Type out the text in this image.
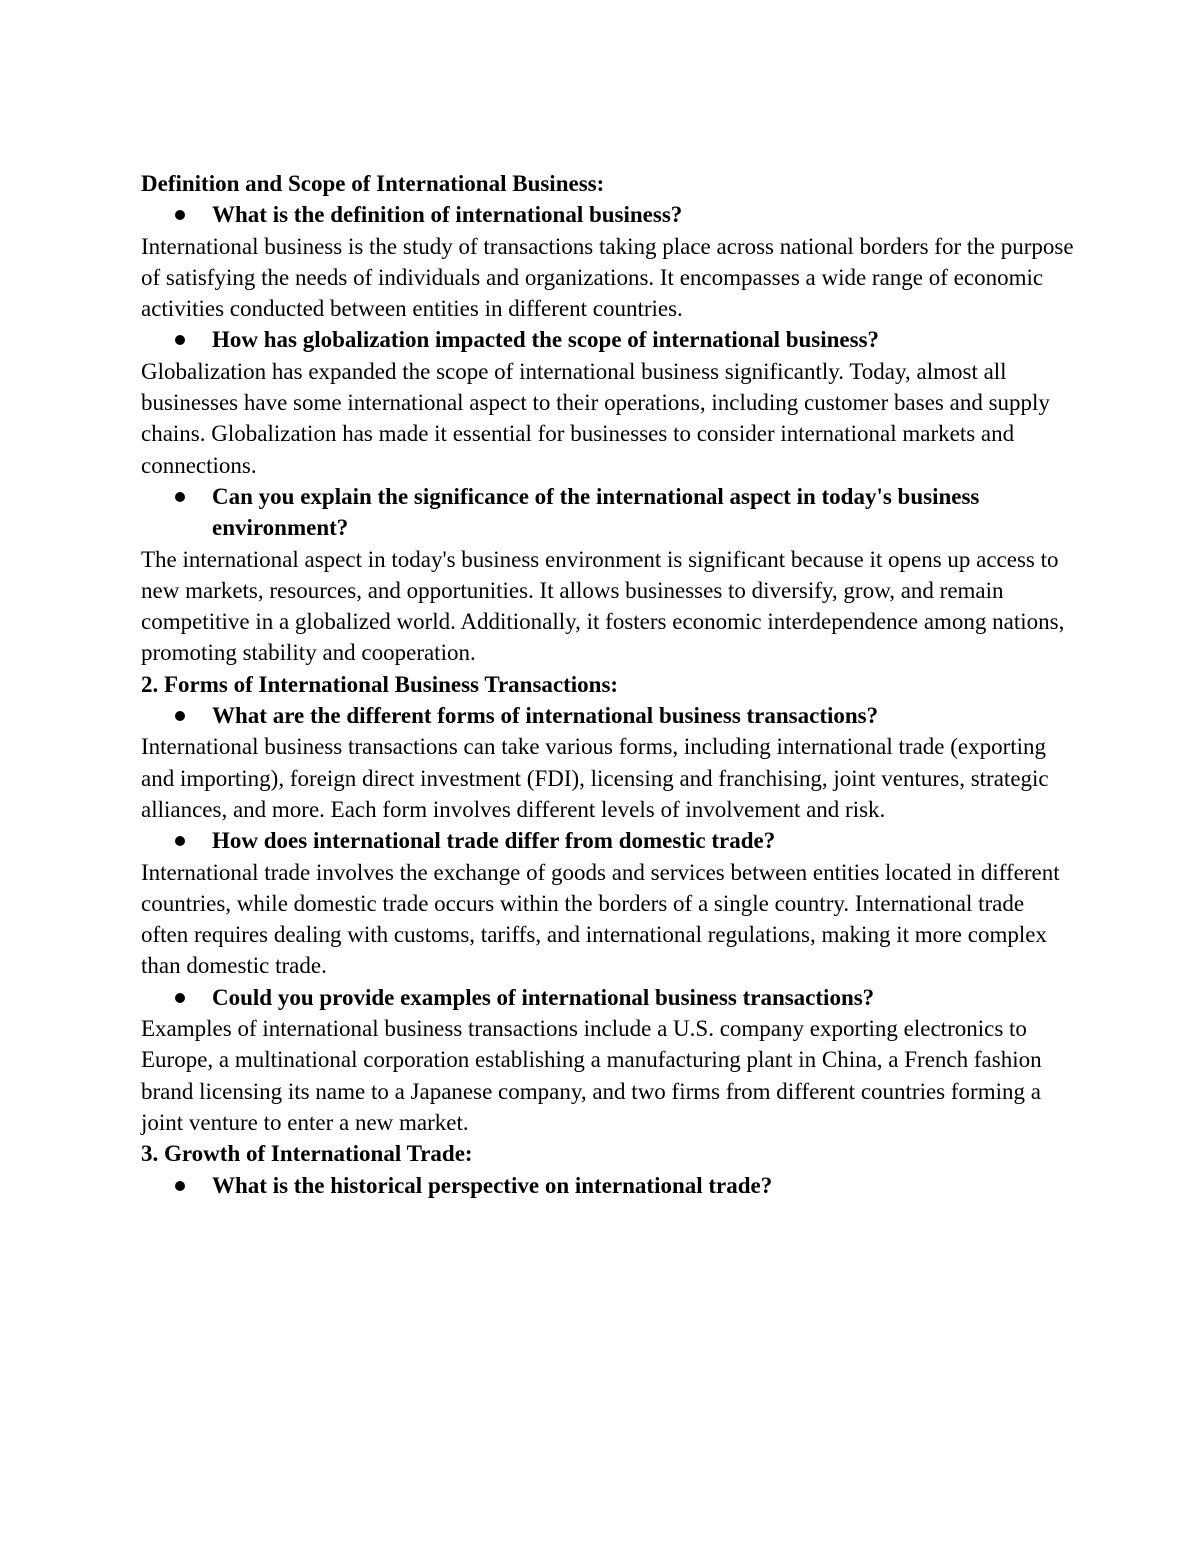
Definition and Scope of International Business:

What is the definition of international business?

International business is the study of transactions taking place across national borders for the purpose of satisfying the needs of individuals and organizations. It encompasses a wide range of economic activities conducted between entities in different countries.

How has globalization impacted the scope of international business?

Globalization has expanded the scope of international business significantly. Today, almost all businesses have some international aspect to their operations, including customer bases and supply chains. Globalization has made it essential for businesses to consider international markets and connections.

Can you explain the significance of the international aspect in today's business environment?

The international aspect in today's business environment is significant because it opens up access to new markets, resources, and opportunities. It allows businesses to diversify, grow, and remain competitive in a globalized world. Additionally, it fosters economic interdependence among nations, promoting stability and cooperation.

2. Forms of International Business Transactions:

What are the different forms of international business transactions?

International business transactions can take various forms, including international trade (exporting and importing), foreign direct investment (FDI), licensing and franchising, joint ventures, strategic alliances, and more. Each form involves different levels of involvement and risk.

How does international trade differ from domestic trade?

International trade involves the exchange of goods and services between entities located in different countries, while domestic trade occurs within the borders of a single country. International trade often requires dealing with customs, tariffs, and international regulations, making it more complex than domestic trade.

Could you provide examples of international business transactions?

Examples of international business transactions include a U.S. company exporting electronics to Europe, a multinational corporation establishing a manufacturing plant in China, a French fashion brand licensing its name to a Japanese company, and two firms from different countries forming a joint venture to enter a new market.

3. Growth of International Trade:

What is the historical perspective on international trade?
